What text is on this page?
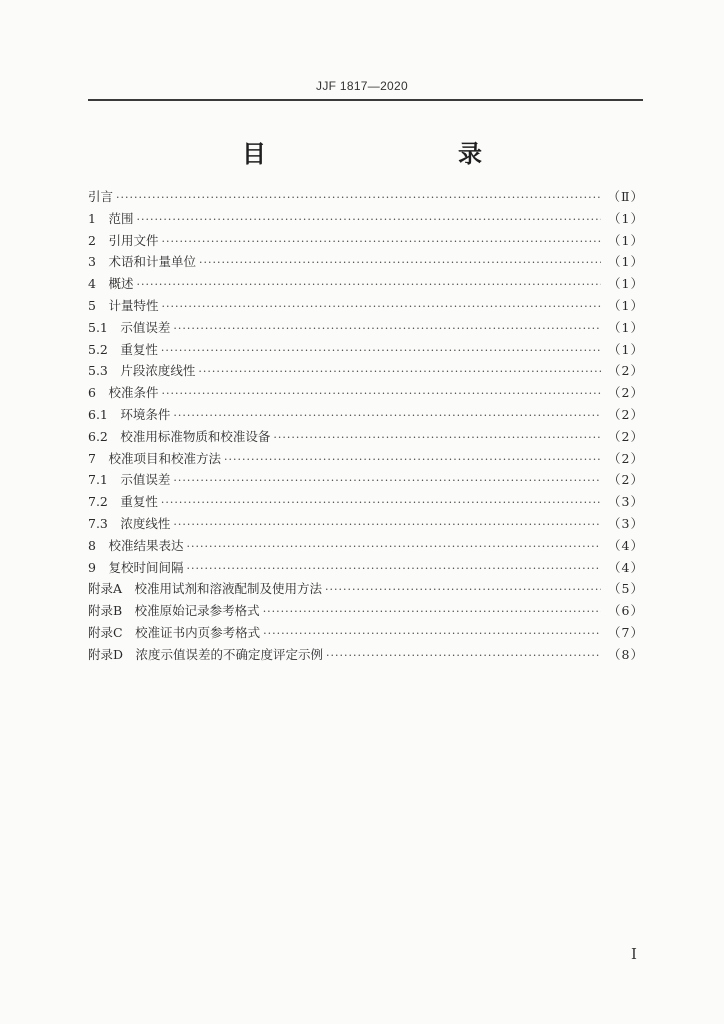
JJF 1817—2020
目　　录
引言 ·····	（Ⅱ）
1　范围 ·····	（1）
2　引用文件 ·····	（1）
3　术语和计量单位 ·····	（1）
4　概述 ·····	（1）
5　计量特性 ·····	（1）
5.1　示值误差 ·····	（1）
5.2　重复性 ·····	（1）
5.3　片段浓度线性 ·····	（2）
6　校准条件 ·····	（2）
6.1　环境条件 ·····	（2）
6.2　校准用标准物质和校准设备 ·····	（2）
7　校准项目和校准方法 ·····	（2）
7.1　示值误差 ·····	（2）
7.2　重复性 ·····	（3）
7.3　浓度线性 ·····	（3）
8　校准结果表达 ·····	（4）
9　复校时间间隔 ·····	（4）
附录A　校准用试剂和溶液配制及使用方法 ·····	（5）
附录B　校准原始记录参考格式 ·····	（6）
附录C　校准证书内页参考格式 ·····	（7）
附录D　浓度示值误差的不确定度评定示例 ·····	（8）
I
